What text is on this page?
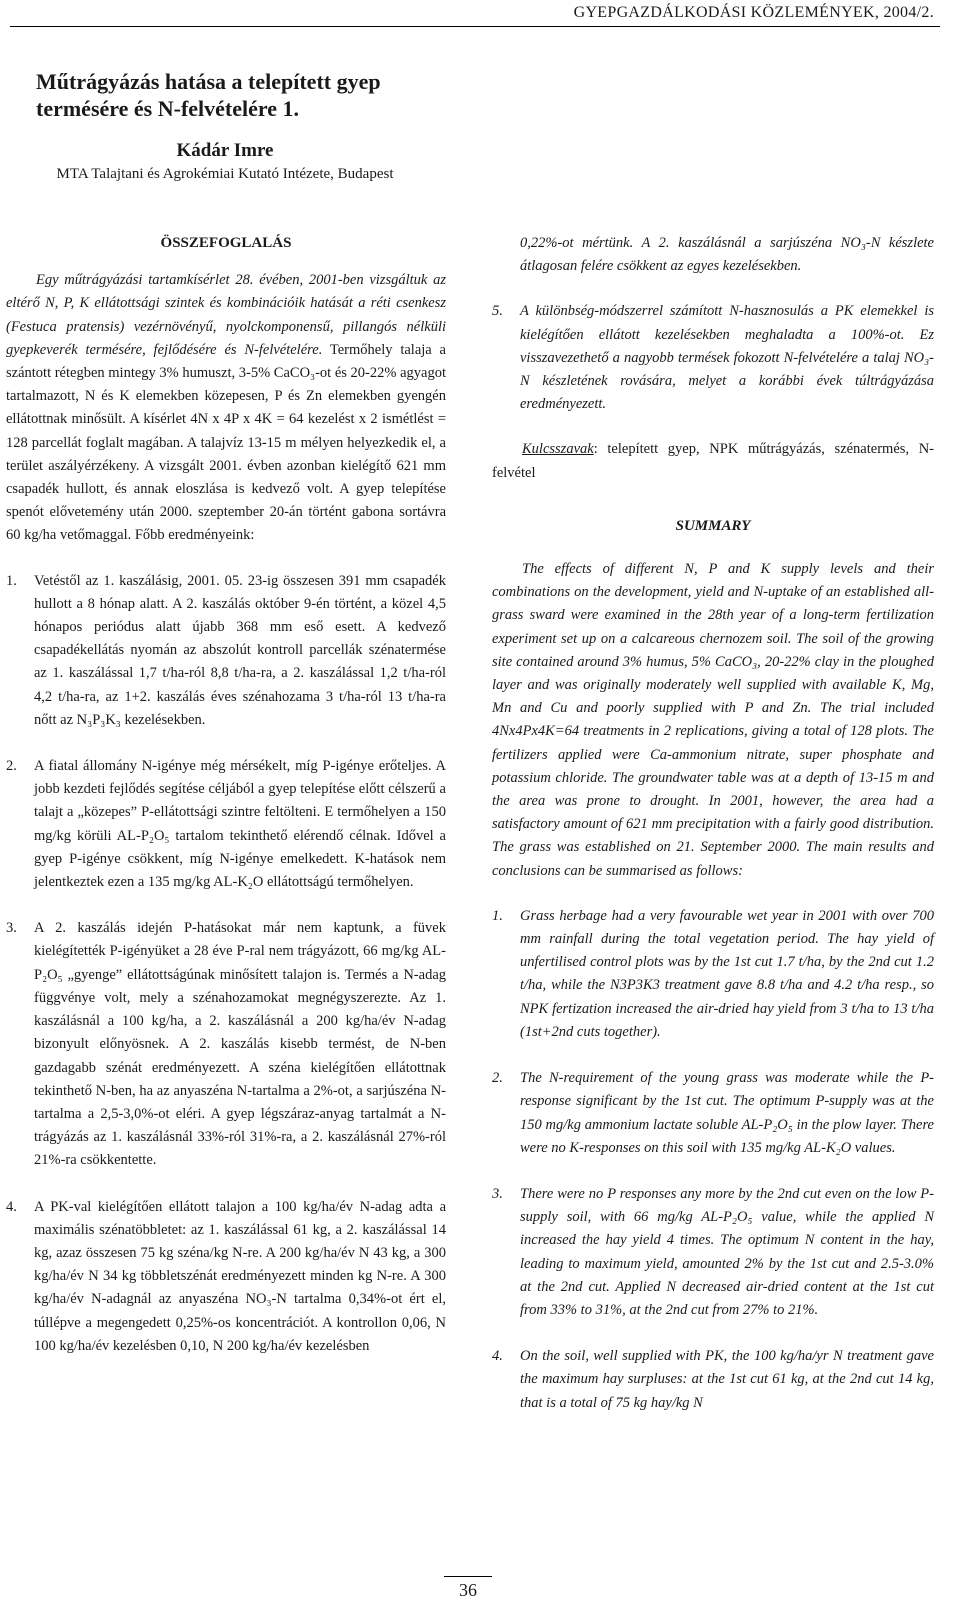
GYEPGAZDÁLKODÁSI KÖZLEMÉNYEK, 2004/2.
Műtrágyázás hatása a telepített gyep termésére és N-felvételére 1.
Kádár Imre
MTA Talajtani és Agrokémiai Kutató Intézete, Budapest
ÖSSZEFOGLALÁS

Egy műtrágyázási tartamkísérlet 28. évében, 2001-ben vizsgáltuk az eltérő N, P, K ellátottsági szintek és kombinációik hatását a réti csenkesz (Festuca pratensis) vezérnövényű, nyolckomponensű, pillangós nélküli gyepkeverék termésére, fejlődésére és N-felvételére. Termőhely talaja a szántott rétegben mintegy 3% humuszt, 3-5% CaCO₃-ot és 20-22% agyagot tartalmazott, N és K elemekben közepesen, P és Zn elemekben gyengén ellátottnak minősült. A kísérlet 4N x 4P x 4K = 64 kezelést x 2 ismétlést = 128 parcellát foglalt magában. A talajvíz 13-15 m mélyen helyezkedik el, a terület aszályérzékeny. A vizsgált 2001. évben azonban kielégítő 621 mm csapadék hullott, és annak eloszlása is kedvező volt. A gyep telepítése spenót elővetemény után 2000. szeptember 20-án történt gabona sortávra 60 kg/ha vetőmaggal. Főbb eredményeink:

1. Vetéstől az 1. kaszálásig, 2001. 05. 23-ig összesen 391 mm csapadék hullott a 8 hónap alatt. A 2. kaszálás október 9-én történt, a közel 4,5 hónapos periódus alatt újabb 368 mm eső esett. A kedvező csapadékellátás nyomán az abszolút kontroll parcellák szénatermése az 1. kaszálással 1,7 t/ha-ról 8,8 t/ha-ra, a 2. kaszálással 1,2 t/ha-ról 4,2 t/ha-ra, az 1+2. kaszálás éves szénahozama 3 t/ha-ról 13 t/ha-ra nőtt az N₃P₃K₃ kezelésekben.
2. A fiatal állomány N-igénye még mérsékelt, míg P-igénye erőteljes. A jobb kezdeti fejlődés segítése céljából a gyep telepítése előtt célszerű a talajt a „közepes” P-ellátottsági szintre feltölteni. E termőhelyen a 150 mg/kg körüli AL-P₂O₅ tartalom tekinthető elérendő célnak. Idővel a gyep P-igénye csökkent, míg N-igénye emelkedett. K-hatások nem jelentkeztek ezen a 135 mg/kg AL-K₂O ellátottságú termőhelyen.
3. A 2. kaszálás idején P-hatásokat már nem kaptunk, a füvek kielégítették P-igényüket a 28 éve P-ral nem trágyázott, 66 mg/kg AL-P₂O₅ „gyenge” ellátottságúnak minősített talajon is. Termés a N-adag függvénye volt, mely a szénahozamokat megnégyszerezte. Az 1. kaszálásnál a 100 kg/ha, a 2. kaszálásnál a 200 kg/ha/év N-adag bizonyult előnyösnek. A 2. kaszálás kisebb termést, de N-ben gazdagabb szénát eredményezett. A széna kielégítően ellátottnak tekinthető N-ben, ha az anyaszéna N-tartalma a 2%-ot, a sarjúszéna N-tartalma a 2,5-3,0%-ot eléri. A gyep légszáraz-anyag tartalmát a N-trágyázás az 1. kaszálásnál 33%-ról 31%-ra, a 2. kaszálásnál 27%-ról 21%-ra csökkentette.
4. A PK-val kielégítően ellátott talajon a 100 kg/ha/év N-adag adta a maximális szénatöbbletet: az 1. kaszálással 61 kg, a 2. kaszálással 14 kg, azaz összesen 75 kg széna/kg N-re. A 200 kg/ha/év N 43 kg, a 300 kg/ha/év N 34 kg többletszénát eredményezett minden kg N-re. A 300 kg/ha/év N-adagnál az anyaszéna NO₃-N tartalma 0,34%-ot ért el, túllépve a megengedett 0,25%-os koncentrációt. A kontrollon 0,06, N 100 kg/ha/év kezelésben 0,10, N 200 kg/ha/év kezelésben
0,22%-ot mértünk. A 2. kaszálásnál a sarjúszéna NO₃-N készlete átlagosan felére csökkent az egyes kezelésekben.
5. A különbség-módszerrel számított N-hasznosulás a PK elemekkel is kielégítően ellátott kezelésekben meghaladta a 100%-ot. Ez visszavezethető a nagyobb termések fokozott N-felvételére a talaj NO₃-N készletének rovására, melyet a korábbi évek túltrágyázása eredményezett.

Kulcsszavak: telepített gyep, NPK műtrágyázás, szénatermés, N-felvétel

SUMMARY

The effects of different N, P and K supply levels and their combinations on the development, yield and N-uptake of an established all-grass sward were examined in the 28th year of a long-term fertilization experiment set up on a calcareous chernozem soil. The soil of the growing site contained around 3% humus, 5% CaCO₃, 20-22% clay in the ploughed layer and was originally moderately well supplied with available K, Mg, Mn and Cu and poorly supplied with P and Zn. The trial included 4Nx4Px4K=64 treatments in 2 replications, giving a total of 128 plots. The fertilizers applied were Ca-ammonium nitrate, super phosphate and potassium chloride. The groundwater table was at a depth of 13-15 m and the area was prone to drought. In 2001, however, the area had a satisfactory amount of 621 mm precipitation with a fairly good distribution. The grass was established on 21. September 2000. The main results and conclusions can be summarised as follows:

1. Grass herbage had a very favourable wet year in 2001 with over 700 mm rainfall during the total vegetation period. The hay yield of unfertilised control plots was by the 1st cut 1.7 t/ha, by the 2nd cut 1.2 t/ha, while the N3P3K3 treatment gave 8.8 t/ha and 4.2 t/ha resp., so NPK fertization increased the air-dried hay yield from 3 t/ha to 13 t/ha (1st+2nd cuts together).
2. The N-requirement of the young grass was moderate while the P-response significant by the 1st cut. The optimum P-supply was at the 150 mg/kg ammonium lactate soluble AL-P₂O₅ in the plow layer. There were no K-responses on this soil with 135 mg/kg AL-K₂O values.
3. There were no P responses any more by the 2nd cut even on the low P-supply soil, with 66 mg/kg AL-P₂O₅ value, while the applied N increased the hay yield 4 times. The optimum N content in the hay, leading to maximum yield, amounted 2% by the 1st cut and 2.5-3.0% at the 2nd cut. Applied N decreased air-dried content at the 1st cut from 33% to 31%, at the 2nd cut from 27% to 21%.
4. On the soil, well supplied with PK, the 100 kg/ha/yr N treatment gave the maximum hay surpluses: at the 1st cut 61 kg, at the 2nd cut 14 kg, that is a total of 75 kg hay/kg N
36
